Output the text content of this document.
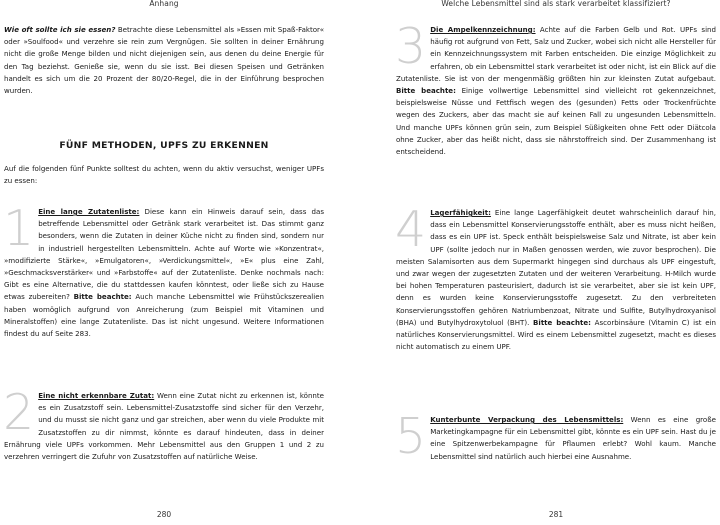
Anhang

Wie oft sollte ich sie essen? Betrachte diese Lebensmittel als »Essen mit Spaß-Faktor« oder »Soulfood« und verzehre sie rein zum Vergnügen. Sie sollten in deiner Ernährung nicht die große Menge bilden und nicht diejenigen sein, aus denen du deine Energie für den Tag beziehst. Genieße sie, wenn du sie isst. Bei diesen Speisen und Getränken handelt es sich um die 20 Prozent der 80/20-Regel, die in der Einführung besprochen wurden.

FÜNF METHODEN, UPFS ZU ERKENNEN

Auf die folgenden fünf Punkte solltest du achten, wenn du aktiv versuchst, weniger UPFs zu essen:

1 Eine lange Zutatenliste: Diese kann ein Hinweis darauf sein, dass das betreffende Lebensmittel oder Getränk stark verarbeitet ist. Das stimmt ganz besonders, wenn die Zutaten in deiner Küche nicht zu finden sind, sondern nur in industriell hergestellten Lebensmitteln. Achte auf Worte wie »Konzentrat«, »modifizierte Stärke«, »Emulgatoren«, »Verdickungsmittel«, »E« plus eine Zahl, »Geschmacksverstärker« und »Farbstoffe« auf der Zutatenliste. Denke nochmals nach: Gibt es eine Alternative, die du stattdessen kaufen könntest, oder ließe sich zu Hause etwas zubereiten? Bitte beachte: Auch manche Lebensmittel wie Frühstückszerealien haben womöglich aufgrund von Anreicherung (zum Beispiel mit Vitaminen und Mineralstoffen) eine lange Zutatenliste. Das ist nicht ungesund. Weitere Informationen findest du auf Seite 283.
2 Eine nicht erkennbare Zutat: Wenn eine Zutat nicht zu erkennen ist, könnte es ein Zusatzstoff sein. Lebensmittel-Zusatzstoffe sind sicher für den Verzehr, und du musst sie nicht ganz und gar streichen, aber wenn du viele Produkte mit Zusatzstoffen zu dir nimmst, könnte es darauf hindeuten, dass in deiner Ernährung viele UPFs vorkommen. Mehr Lebensmittel aus den Gruppen 1 und 2 zu verzehren verringert die Zufuhr von Zusatzstoffen auf natürliche Weise.
280
Welche Lebensmittel sind als stark verarbeitet klassifiziert?
3 Die Ampelkennzeichnung: Achte auf die Farben Gelb und Rot. UPFs sind häufig rot aufgrund von Fett, Salz und Zucker, wobei sich nicht alle Hersteller für ein Kennzeichnungssystem mit Farben entscheiden. Die einzige Möglichkeit zu erfahren, ob ein Lebensmittel stark verarbeitet ist oder nicht, ist ein Blick auf die Zutatenliste. Sie ist von der mengenmäßig größten hin zur kleinsten Zutat aufgebaut. Bitte beachte: Einige vollwertige Lebensmittel sind vielleicht rot gekennzeichnet, beispielsweise Nüsse und Fettfisch wegen des (gesunden) Fetts oder Trockenfrüchte wegen des Zuckers, aber das macht sie auf keinen Fall zu ungesunden Lebensmitteln. Und manche UPFs können grün sein, zum Beispiel Süßigkeiten ohne Fett oder Diätcola ohne Zucker, aber das heißt nicht, dass sie nährstoffreich sind. Der Zusammenhang ist entscheidend.
4 Lagerfähigkeit: Eine lange Lagerfähigkeit deutet wahrscheinlich darauf hin, dass ein Lebensmittel Konservierungsstoffe enthält, aber es muss nicht heißen, dass es ein UPF ist. Speck enthält beispielsweise Salz und Nitrate, ist aber kein UPF (sollte jedoch nur in Maßen genossen werden, wie zuvor besprochen). Die meisten Salamisorten aus dem Supermarkt hingegen sind durchaus als UPF eingestuft, und zwar wegen der zugesetzten Zutaten und der weiteren Verarbeitung. H-Milch wurde bei hohen Temperaturen pasteurisiert, dadurch ist sie verarbeitet, aber sie ist kein UPF, denn es wurden keine Konservierungsstoffe zugesetzt. Zu den verbreiteten Konservierungsstoffen gehören Natriumbenzoat, Nitrate und Sulfite, Butylhydroxyanisol (BHA) und Butylhydroxytoluol (BHT). Bitte beachte: Ascorbinsäure (Vitamin C) ist ein natürliches Konservierungsmittel. Wird es einem Lebensmittel zugesetzt, macht es dieses nicht automatisch zu einem UPF.
5 Kunterbunte Verpackung des Lebensmittels: Wenn es eine große Marketingkampagne für ein Lebensmittel gibt, könnte es ein UPF sein. Hast du je eine Spitzenwerbekampagne für Pflaumen erlebt? Wohl kaum. Manche Lebensmittel sind natürlich auch hierbei eine Ausnahme.
281
